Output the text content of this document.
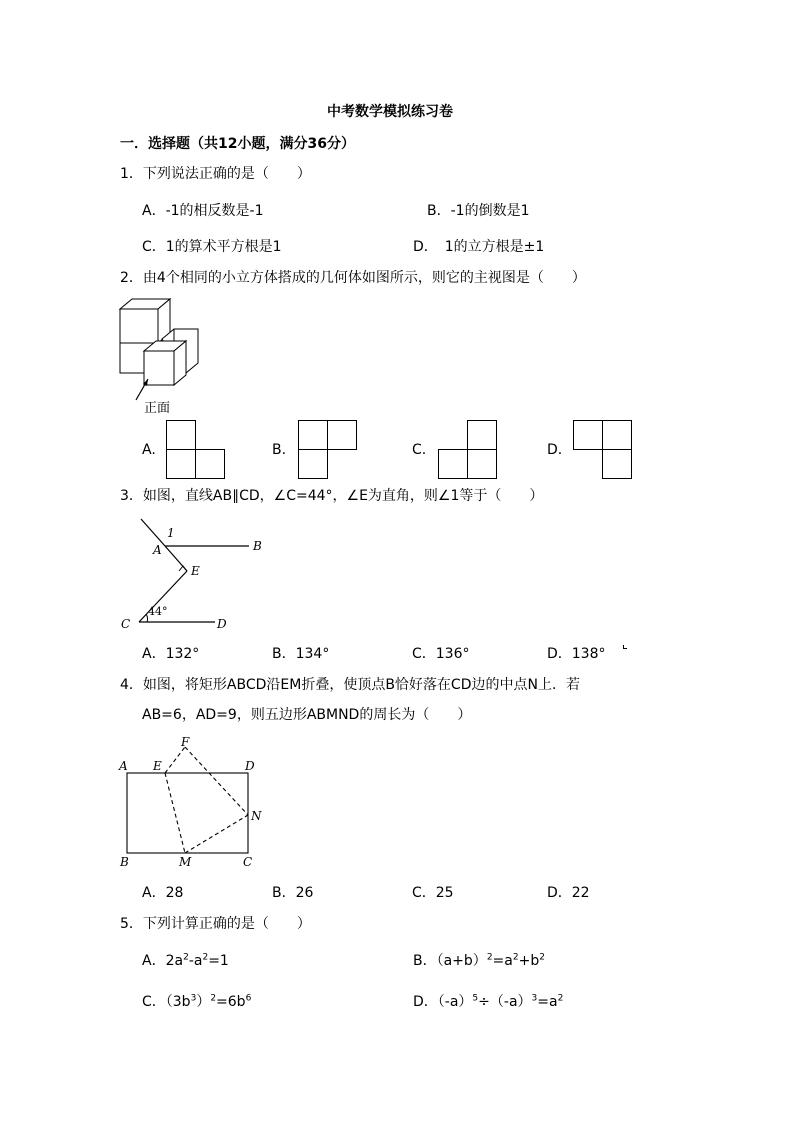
中考数学模拟练习卷
一．选择题（共12小题，满分36分）
1．下列说法正确的是（　　）
A．-1的相反数是-1	B．-1的倒数是1
C．1的算术平方根是1	D．　1的立方根是±1
2．由4个相同的小立方体搭成的几何体如图所示，则它的主视图是（　　）
正面
A.	B.	C.	D.
3．如图，直线AB∥CD，∠C=44°，∠E为直角，则∠1等于（　　）
1
A	B
E
C	D
44°
A．132°	B．134°	C．136°	D．138°
4．如图，将矩形ABCD沿EM折叠，使顶点B恰好落在CD边的中点N上．若
AB=6，AD=9，则五边形ABMND的周长为（　　）
F
A E	D
N
B	M	C
A．28	B．26	C．25	D．22
5．下列计算正确的是（　　）
A．$2a^2-a^2=1$	B．$(a+b)^2=a^2+b^2$
C．$(3b^3)^2=6b^6$	D．$(-a)^5\div(-a)^3=a^2$
